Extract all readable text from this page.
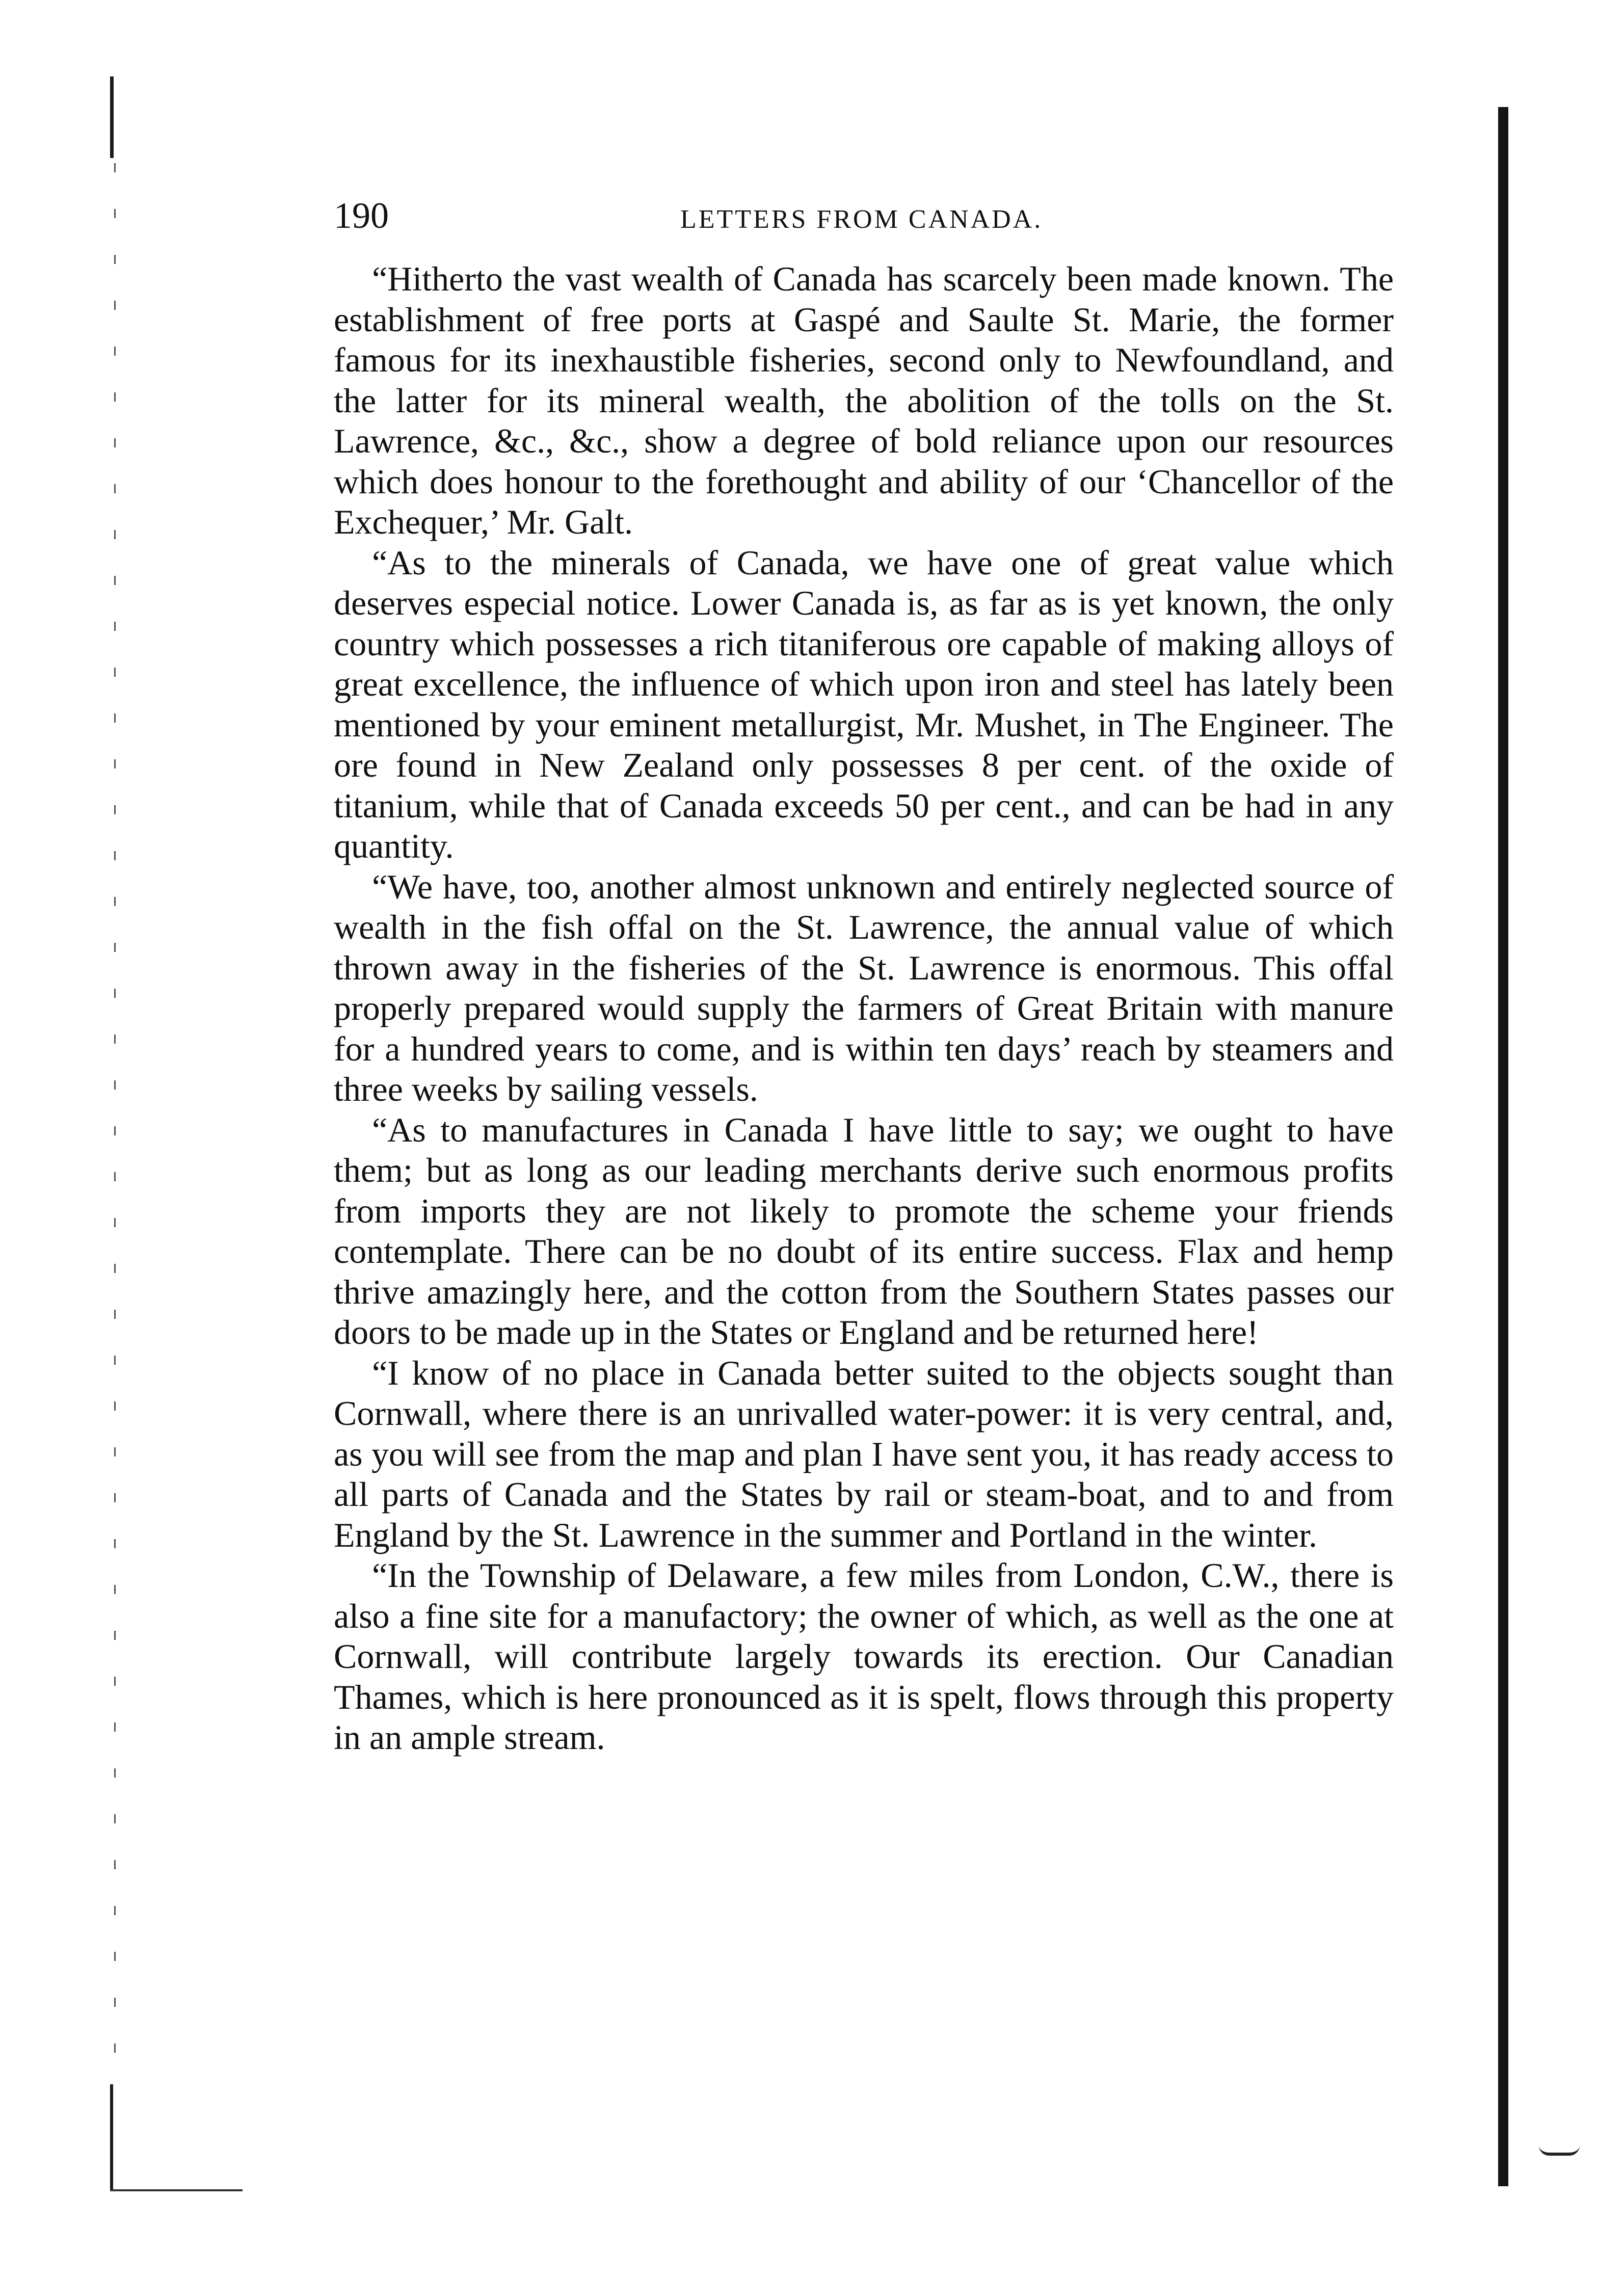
190	LETTERS FROM CANADA.

“Hitherto the vast wealth of Canada has scarcely been made known. The establishment of free ports at Gaspé and Saulte St. Marie, the former famous for its inexhaustible fisheries, second only to Newfoundland, and the latter for its mineral wealth, the abolition of the tolls on the St. Lawrence, &c., &c., show a degree of bold reliance upon our resources which does honour to the forethought and ability of our ‘Chancellor of the Exchequer,’ Mr. Galt.

“As to the minerals of Canada, we have one of great value which deserves especial notice. Lower Canada is, as far as is yet known, the only country which possesses a rich titaniferous ore capable of making alloys of great excellence, the influence of which upon iron and steel has lately been mentioned by your eminent metallurgist, Mr. Mushet, in The Engineer. The ore found in New Zealand only possesses 8 per cent. of the oxide of titanium, while that of Canada exceeds 50 per cent., and can be had in any quantity.

“We have, too, another almost unknown and entirely neglected source of wealth in the fish offal on the St. Lawrence, the annual value of which thrown away in the fisheries of the St. Lawrence is enormous. This offal properly prepared would supply the farmers of Great Britain with manure for a hundred years to come, and is within ten days’ reach by steamers and three weeks by sailing vessels.

“As to manufactures in Canada I have little to say; we ought to have them; but as long as our leading merchants derive such enormous profits from imports they are not likely to promote the scheme your friends contemplate. There can be no doubt of its entire success. Flax and hemp thrive amazingly here, and the cotton from the Southern States passes our doors to be made up in the States or England and be returned here!

“I know of no place in Canada better suited to the objects sought than Cornwall, where there is an unrivalled water-power: it is very central, and, as you will see from the map and plan I have sent you, it has ready access to all parts of Canada and the States by rail or steam-boat, and to and from England by the St. Lawrence in the summer and Portland in the winter.

“In the Township of Delaware, a few miles from London, C.W., there is also a fine site for a manufactory; the owner of which, as well as the one at Cornwall, will contribute largely towards its erection. Our Canadian Thames, which is here pronounced as it is spelt, flows through this property in an ample stream.
